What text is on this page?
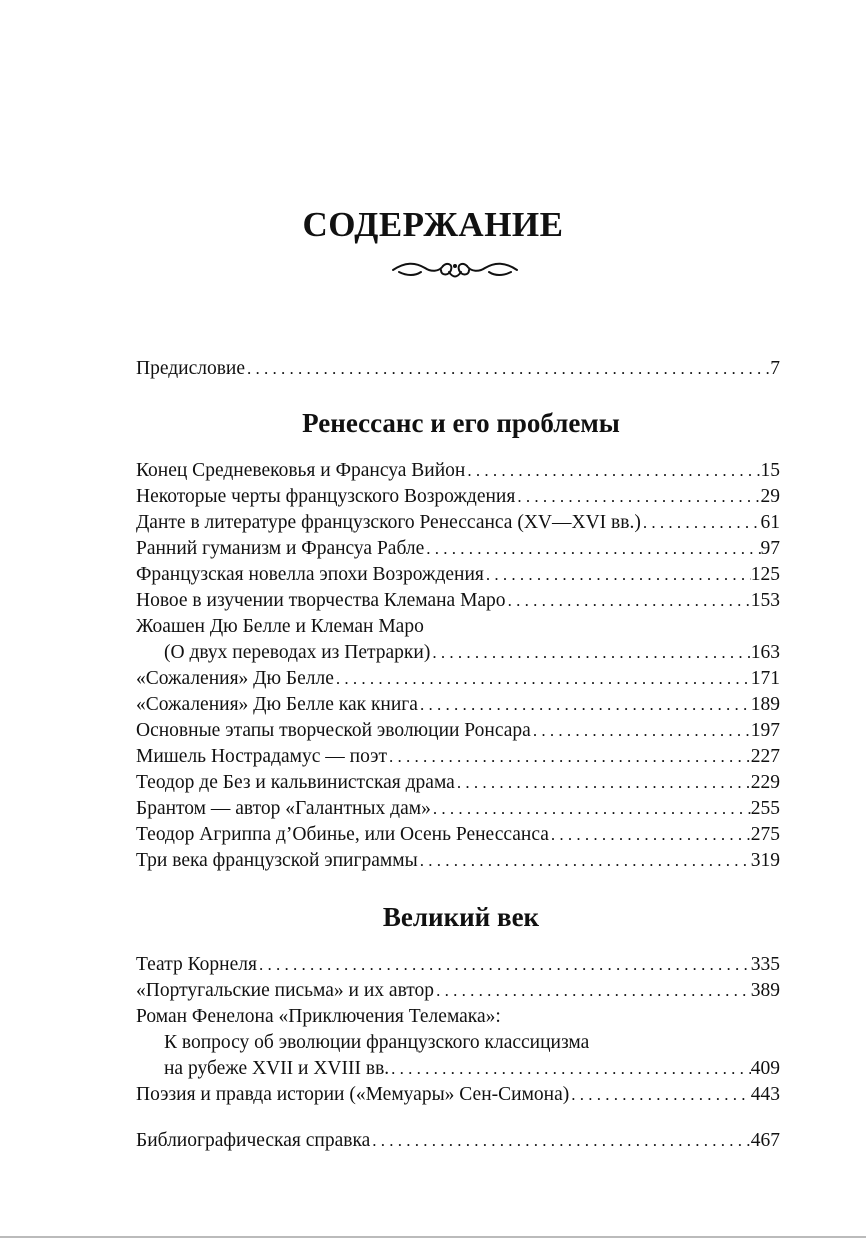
СОДЕРЖАНИЕ
Предисловие . . .	7
Ренессанс и его проблемы
Конец Средневековья и Франсуа Вийон . . .	15
Некоторые черты французского Возрождения . . .	29
Данте в литературе французского Ренессанса (XV—XVI вв.) . . .	61
Ранний гуманизм и Франсуа Рабле . . .	97
Французская новелла эпохи Возрождения . . .	125
Новое в изучении творчества Клемана Маро . . .	153
Жоашен Дю Белле и Клеман Маро
(О двух переводах из Петрарки) . . .	163
«Сожаления» Дю Белле . . .	171
«Сожаления» Дю Белле как книга . . .	189
Основные этапы творческой эволюции Ронсара . . .	197
Мишель Нострадамус — поэт . . .	227
Теодор де Без и кальвинистская драма . . .	229
Брантом — автор «Галантных дам» . . .	255
Теодор Агриппа д’Обинье, или Осень Ренессанса . . .	275
Три века французской эпиграммы . . .	319
Великий век
Театр Корнеля . . .	335
«Португальские письма» и их автор . . .	389
Роман Фенелона «Приключения Телемака»:
К вопросу об эволюции французского классицизма
на рубеже XVII и XVIII вв. . . .	409
Поэзия и правда истории («Мемуары» Сен-Симона) . . .	443
Библиографическая справка . . .	467
